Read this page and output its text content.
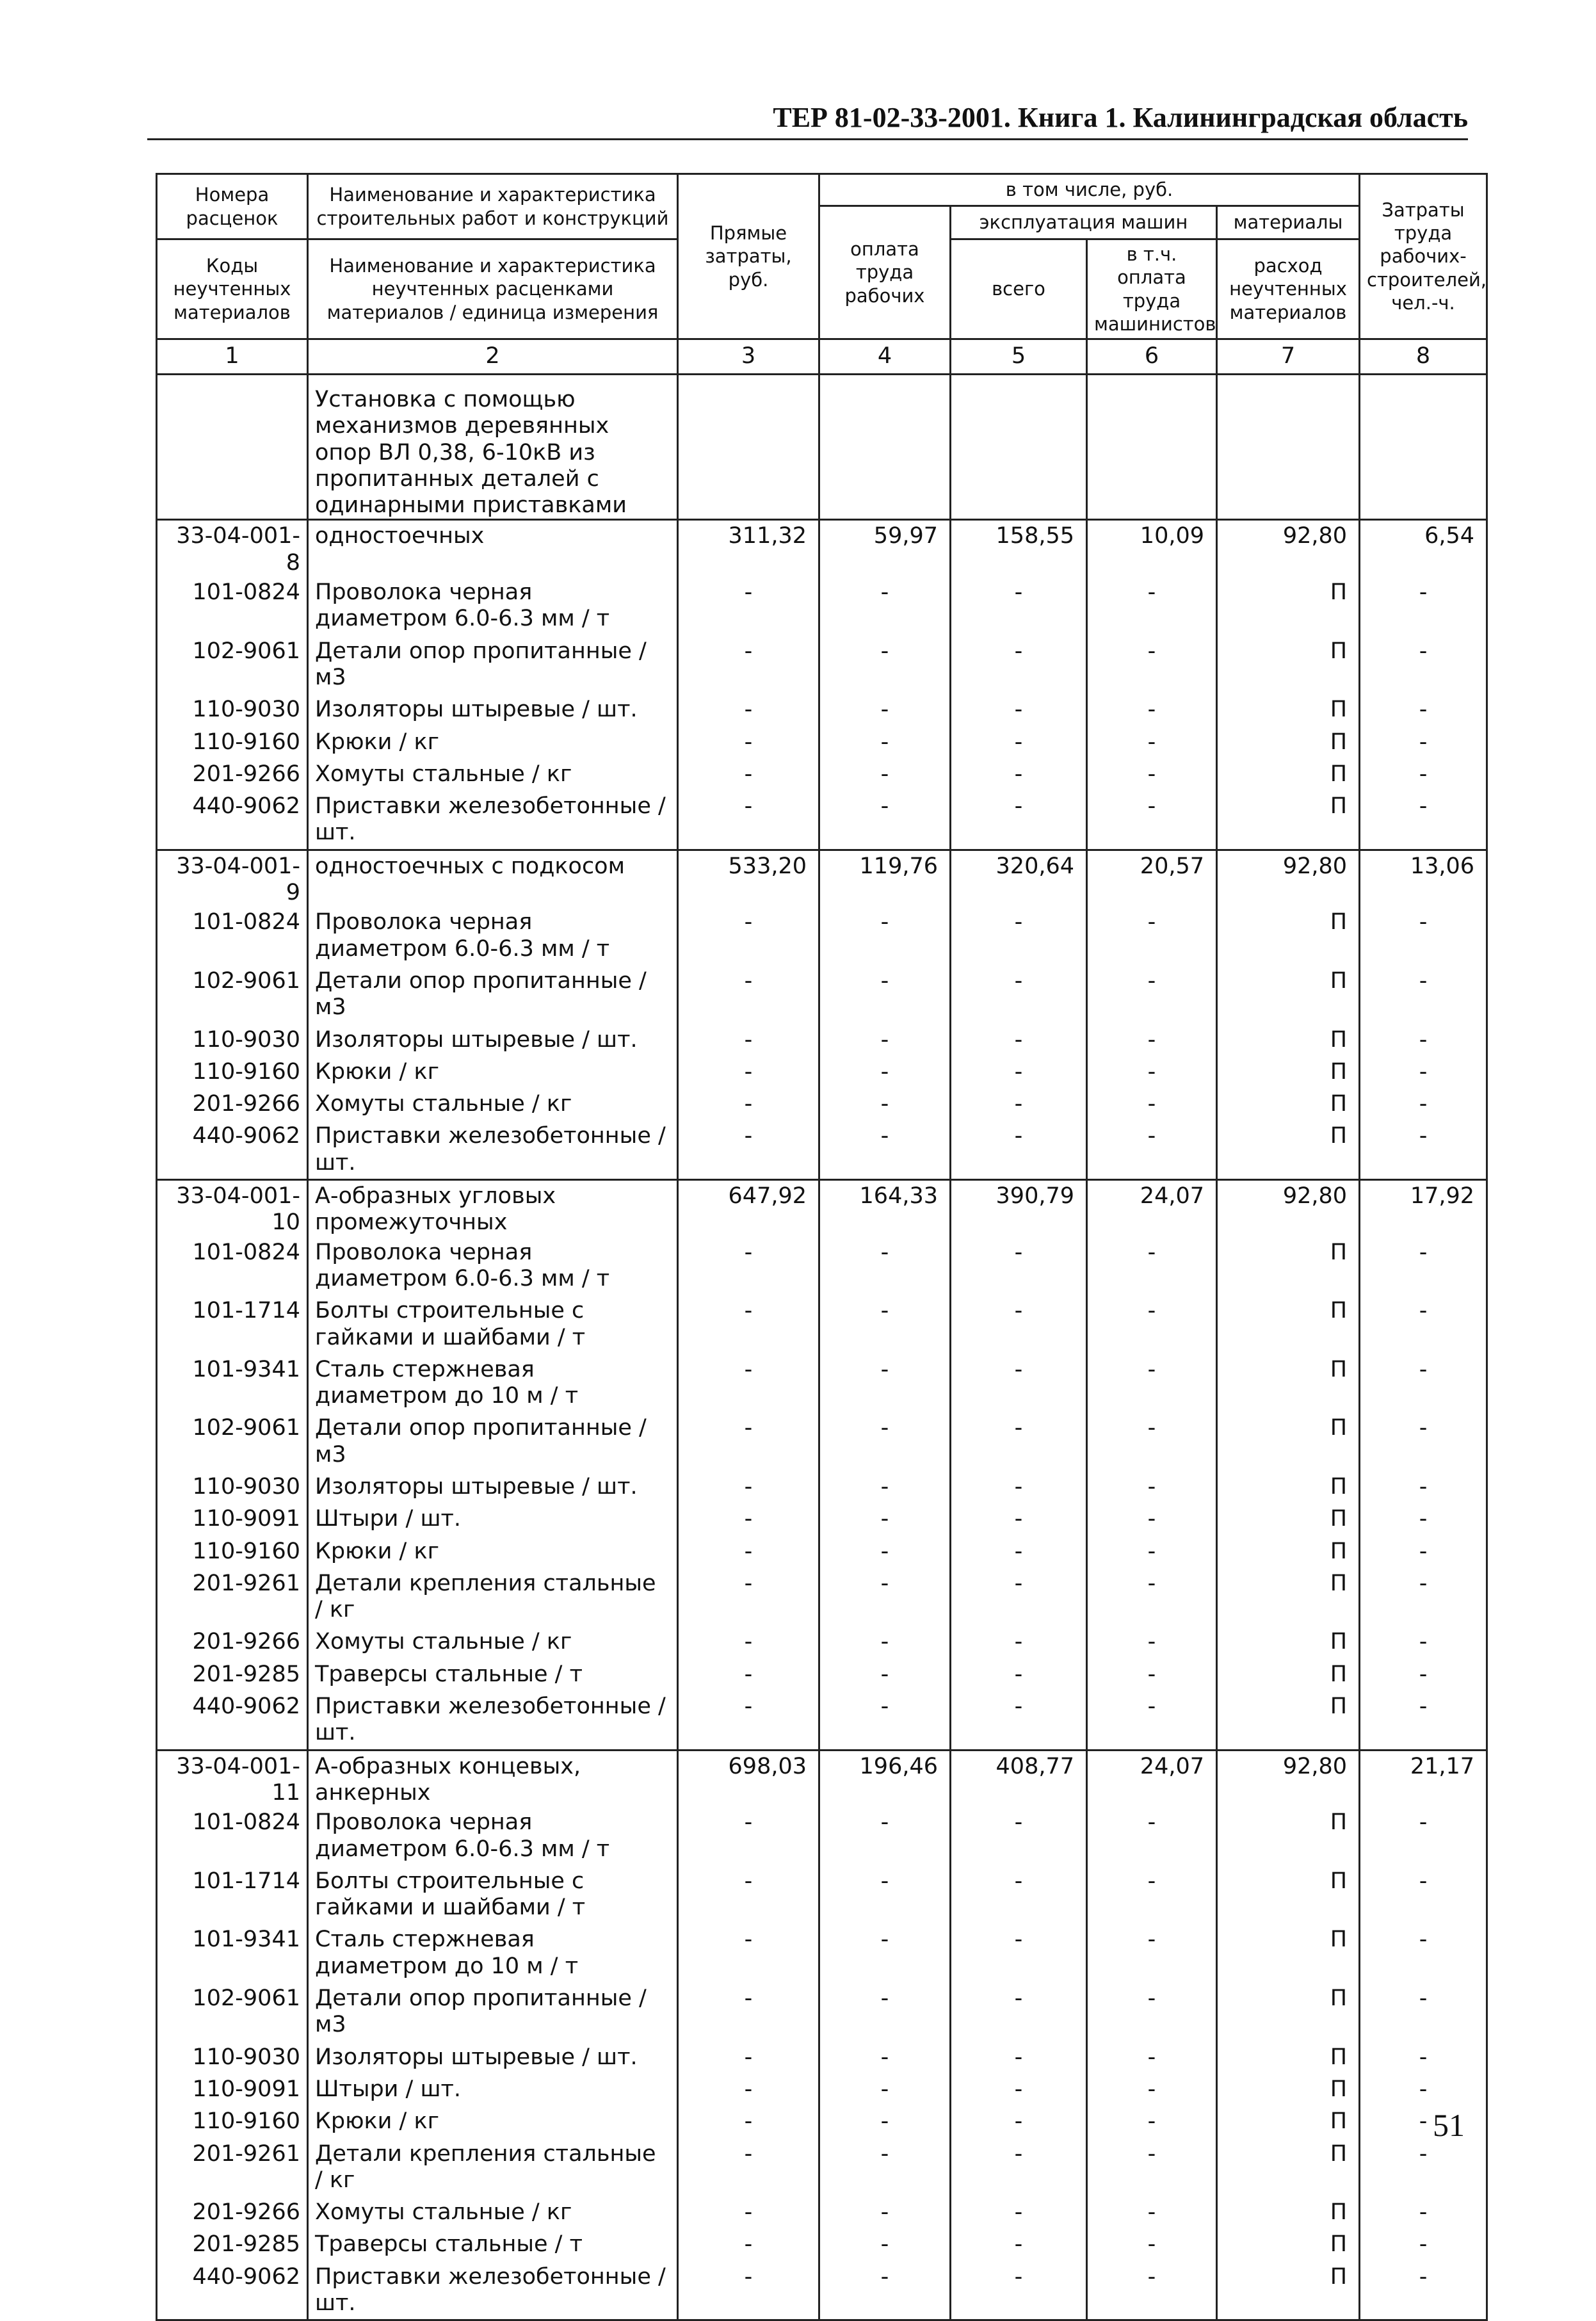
ТЕР 81-02-33-2001. Книга 1. Калининградская область
Номера расценок	Наименование и характеристика строительных работ и конструкций	Прямые затраты, руб.	в том числе, руб.				Затраты труда рабочих-строителей, чел.-ч.
			оплата труда рабочих	эксплуатация машин		материалы	
Коды неучтенных материалов	Наименование и характеристика неучтенных расценками материалов / единица измерения			всего	в т.ч. оплата труда машинистов	расход неучтенных материалов	

1	2	3	4	5	6	7	8
	Установка с помощью механизмов деревянных опор ВЛ 0,38, 6-10кВ из пропитанных деталей с одинарными приставками						
33-04-001-8	одностоечных	311,32	59,97	158,55	10,09	92,80	6,54
101-0824	Проволока черная диаметром 6.0-6.3 мм / т	-	-	-	-	П	-
102-9061	Детали опор пропитанные / м3	-	-	-	-	П	-
110-9030	Изоляторы штыревые / шт.	-	-	-	-	П	-
110-9160	Крюки / кг	-	-	-	-	П	-
201-9266	Хомуты стальные / кг	-	-	-	-	П	-
440-9062	Приставки железобетонные / шт.	-	-	-	-	П	-
33-04-001-9	одностоечных с подкосом	533,20	119,76	320,64	20,57	92,80	13,06
101-0824	Проволока черная диаметром 6.0-6.3 мм / т	-	-	-	-	П	-
102-9061	Детали опор пропитанные / м3	-	-	-	-	П	-
110-9030	Изоляторы штыревые / шт.	-	-	-	-	П	-
110-9160	Крюки / кг	-	-	-	-	П	-
201-9266	Хомуты стальные / кг	-	-	-	-	П	-
440-9062	Приставки железобетонные / шт.	-	-	-	-	П	-
33-04-001-10	А-образных угловых промежуточных	647,92	164,33	390,79	24,07	92,80	17,92
101-0824	Проволока черная диаметром 6.0-6.3 мм / т	-	-	-	-	П	-
101-1714	Болты строительные с гайками и шайбами / т	-	-	-	-	П	-
101-9341	Сталь стержневая диаметром до 10 м / т	-	-	-	-	П	-
102-9061	Детали опор пропитанные / м3	-	-	-	-	П	-
110-9030	Изоляторы штыревые / шт.	-	-	-	-	П	-
110-9091	Штыри / шт.	-	-	-	-	П	-
110-9160	Крюки / кг	-	-	-	-	П	-
201-9261	Детали крепления стальные / кг	-	-	-	-	П	-
201-9266	Хомуты стальные / кг	-	-	-	-	П	-
201-9285	Траверсы стальные / т	-	-	-	-	П	-
440-9062	Приставки железобетонные / шт.	-	-	-	-	П	-
33-04-001-11	А-образных концевых, анкерных	698,03	196,46	408,77	24,07	92,80	21,17
101-0824	Проволока черная диаметром 6.0-6.3 мм / т	-	-	-	-	П	-
101-1714	Болты строительные с гайками и шайбами / т	-	-	-	-	П	-
101-9341	Сталь стержневая диаметром до 10 м / т	-	-	-	-	П	-
102-9061	Детали опор пропитанные / м3	-	-	-	-	П	-
110-9030	Изоляторы штыревые / шт.	-	-	-	-	П	-
110-9091	Штыри / шт.	-	-	-	-	П	-
110-9160	Крюки / кг	-	-	-	-	П	-
201-9261	Детали крепления стальные / кг	-	-	-	-	П	-
201-9266	Хомуты стальные / кг	-	-	-	-	П	-
201-9285	Траверсы стальные / т	-	-	-	-	П	-
440-9062	Приставки железобетонные / шт.	-	-	-	-	П	-
51
